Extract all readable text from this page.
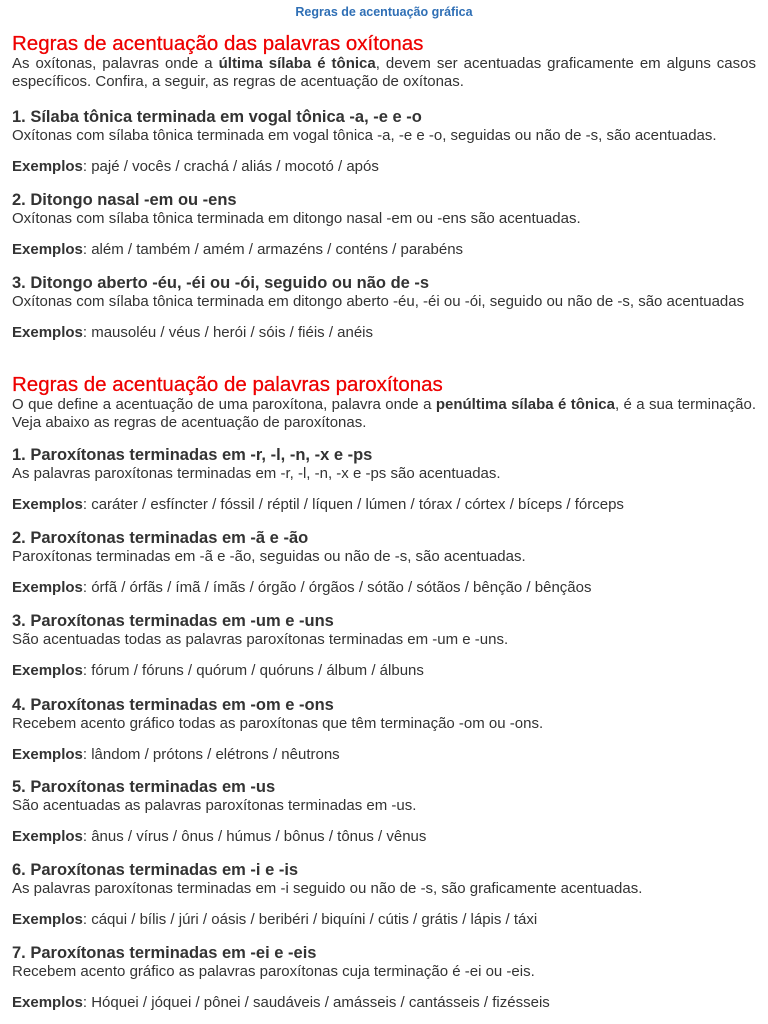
Regras de acentuação gráfica

Regras de acentuação das palavras oxítonas

As oxítonas, palavras onde a última sílaba é tônica, devem ser acentuadas graficamente em alguns casos específicos. Confira, a seguir, as regras de acentuação de oxítonas.

1. Sílaba tônica terminada em vogal tônica -a, -e e -o

Oxítonas com sílaba tônica terminada em vogal tônica -a, -e e -o, seguidas ou não de -s, são acentuadas.

Exemplos: pajé / vocês / crachá / aliás / mocotó / após

2. Ditongo nasal -em ou -ens

Oxítonas com sílaba tônica terminada em ditongo nasal -em ou -ens são acentuadas.

Exemplos: além / também / amém / armazéns / conténs / parabéns

3. Ditongo aberto -éu, -éi ou -ói, seguido ou não de -s

Oxítonas com sílaba tônica terminada em ditongo aberto -éu, -éi ou -ói, seguido ou não de -s, são acentuadas

Exemplos: mausoléu / véus / herói / sóis / fiéis / anéis

Regras de acentuação de palavras paroxítonas

O que define a acentuação de uma paroxítona, palavra onde a penúltima sílaba é tônica, é a sua terminação. Veja abaixo as regras de acentuação de paroxítonas.

1. Paroxítonas terminadas em -r, -l, -n, -x e -ps

As palavras paroxítonas terminadas em -r, -l, -n, -x e -ps são acentuadas.

Exemplos: caráter / esfíncter / fóssil / réptil / líquen / lúmen / tórax / córtex / bíceps / fórceps

2. Paroxítonas terminadas em -ã e -ão

Paroxítonas terminadas em -ã e -ão, seguidas ou não de -s, são acentuadas.

Exemplos: órfã / órfãs / ímã / ímãs / órgão / órgãos / sótão / sótãos / bênção / bênçãos

3. Paroxítonas terminadas em -um e -uns

São acentuadas todas as palavras paroxítonas terminadas em -um e -uns.

Exemplos: fórum / fóruns / quórum / quóruns / álbum / álbuns

4. Paroxítonas terminadas em -om e -ons

Recebem acento gráfico todas as paroxítonas que têm terminação -om ou -ons.

Exemplos: lândom / prótons / elétrons / nêutrons

5. Paroxítonas terminadas em -us

São acentuadas as palavras paroxítonas terminadas em -us.

Exemplos: ânus / vírus / ônus / húmus / bônus / tônus / vênus

6. Paroxítonas terminadas em -i e -is

As palavras paroxítonas terminadas em -i seguido ou não de -s, são graficamente acentuadas.

Exemplos: cáqui / bílis / júri / oásis / beribéri / biquíni / cútis / grátis / lápis / táxi

7. Paroxítonas terminadas em -ei e -eis

Recebem acento gráfico as palavras paroxítonas cuja terminação é -ei ou -eis.

Exemplos: Hóquei / jóquei / pônei / saudáveis / amásseis / cantásseis / fizésseis
